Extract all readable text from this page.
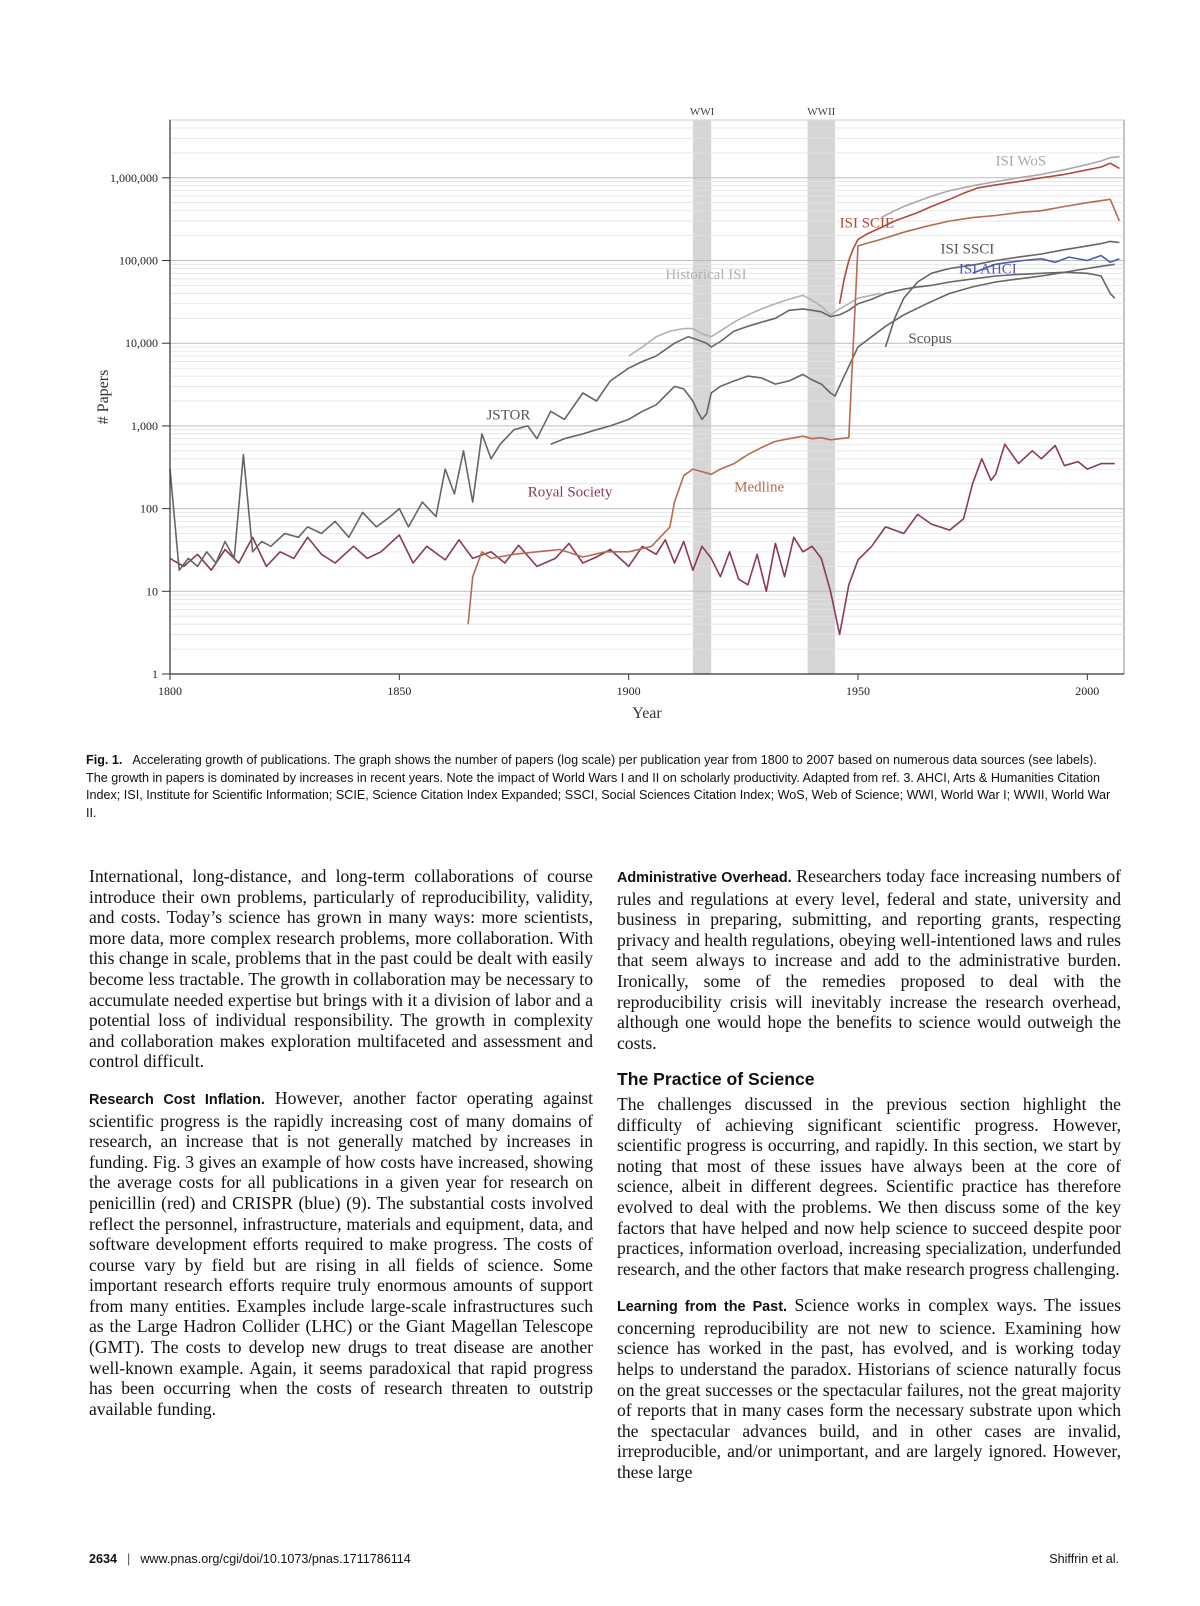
WWI	WWII
1
10
100
1,000
10,000
100,000
1,000,000
1800	1850	1900	1950	2000
Year
# Papers
Royal Society
JSTOR
Historical ISI
Scopus
Medline
ISI SCIE
ISI WoS
ISI SSCI
ISI AHCI
Fig. 1. Accelerating growth of publications. The graph shows the number of papers (log scale) per publication year from 1800 to 2007 based on numerous data sources (see labels). The growth in papers is dominated by increases in recent years. Note the impact of World Wars I and II on scholarly productivity. Adapted from ref. 3. AHCI, Arts & Humanities Citation Index; ISI, Institute for Scientific Information; SCIE, Science Citation Index Expanded; SSCI, Social Sciences Citation Index; WoS, Web of Science; WWI, World War I; WWII, World War II.

International, long-distance, and long-term collaborations of course introduce their own problems, particularly of reproducibility, validity, and costs. Today’s science has grown in many ways: more scientists, more data, more complex research problems, more collaboration. With this change in scale, problems that in the past could be dealt with easily become less tractable. The growth in collaboration may be necessary to accumulate needed expertise but brings with it a division of labor and a potential loss of individual responsibility. The growth in complexity and collaboration makes exploration multifaceted and assessment and control difficult.

Research Cost Inflation. However, another factor operating against scientific progress is the rapidly increasing cost of many domains of research, an increase that is not generally matched by increases in funding. Fig. 3 gives an example of how costs have increased, showing the average costs for all publications in a given year for research on penicillin (red) and CRISPR (blue) (9). The substantial costs involved reflect the personnel, infrastructure, materials and equipment, data, and software development efforts required to make progress. The costs of course vary by field but are rising in all fields of science. Some important research efforts require truly enormous amounts of support from many entities. Examples include large-scale infrastructures such as the Large Hadron Collider (LHC) or the Giant Magellan Telescope (GMT). The costs to develop new drugs to treat disease are another well-known example. Again, it seems paradoxical that rapid progress has been occurring when the costs of research threaten to outstrip available funding.

Administrative Overhead. Researchers today face increasing numbers of rules and regulations at every level, federal and state, university and business in preparing, submitting, and reporting grants, respecting privacy and health regulations, obeying well-intentioned laws and rules that seem always to increase and add to the administrative burden. Ironically, some of the remedies proposed to deal with the reproducibility crisis will inevitably increase the research overhead, although one would hope the benefits to science would outweigh the costs.

The Practice of Science

The challenges discussed in the previous section highlight the difficulty of achieving significant scientific progress. However, scientific progress is occurring, and rapidly. In this section, we start by noting that most of these issues have always been at the core of science, albeit in different degrees. Scientific practice has therefore evolved to deal with the problems. We then discuss some of the key factors that have helped and now help science to succeed despite poor practices, information overload, increasing specialization, underfunded research, and the other factors that make research progress challenging.

Learning from the Past. Science works in complex ways. The issues concerning reproducibility are not new to science. Examining how science has worked in the past, has evolved, and is working today helps to understand the paradox. Historians of science naturally focus on the great successes or the spectacular failures, not the great majority of reports that in many cases form the necessary substrate upon which the spectacular advances build, and in other cases are invalid, irreproducible, and/or unimportant, and are largely ignored. However, these large

2634 | www.pnas.org/cgi/doi/10.1073/pnas.1711786114	Shiffrin et al.
